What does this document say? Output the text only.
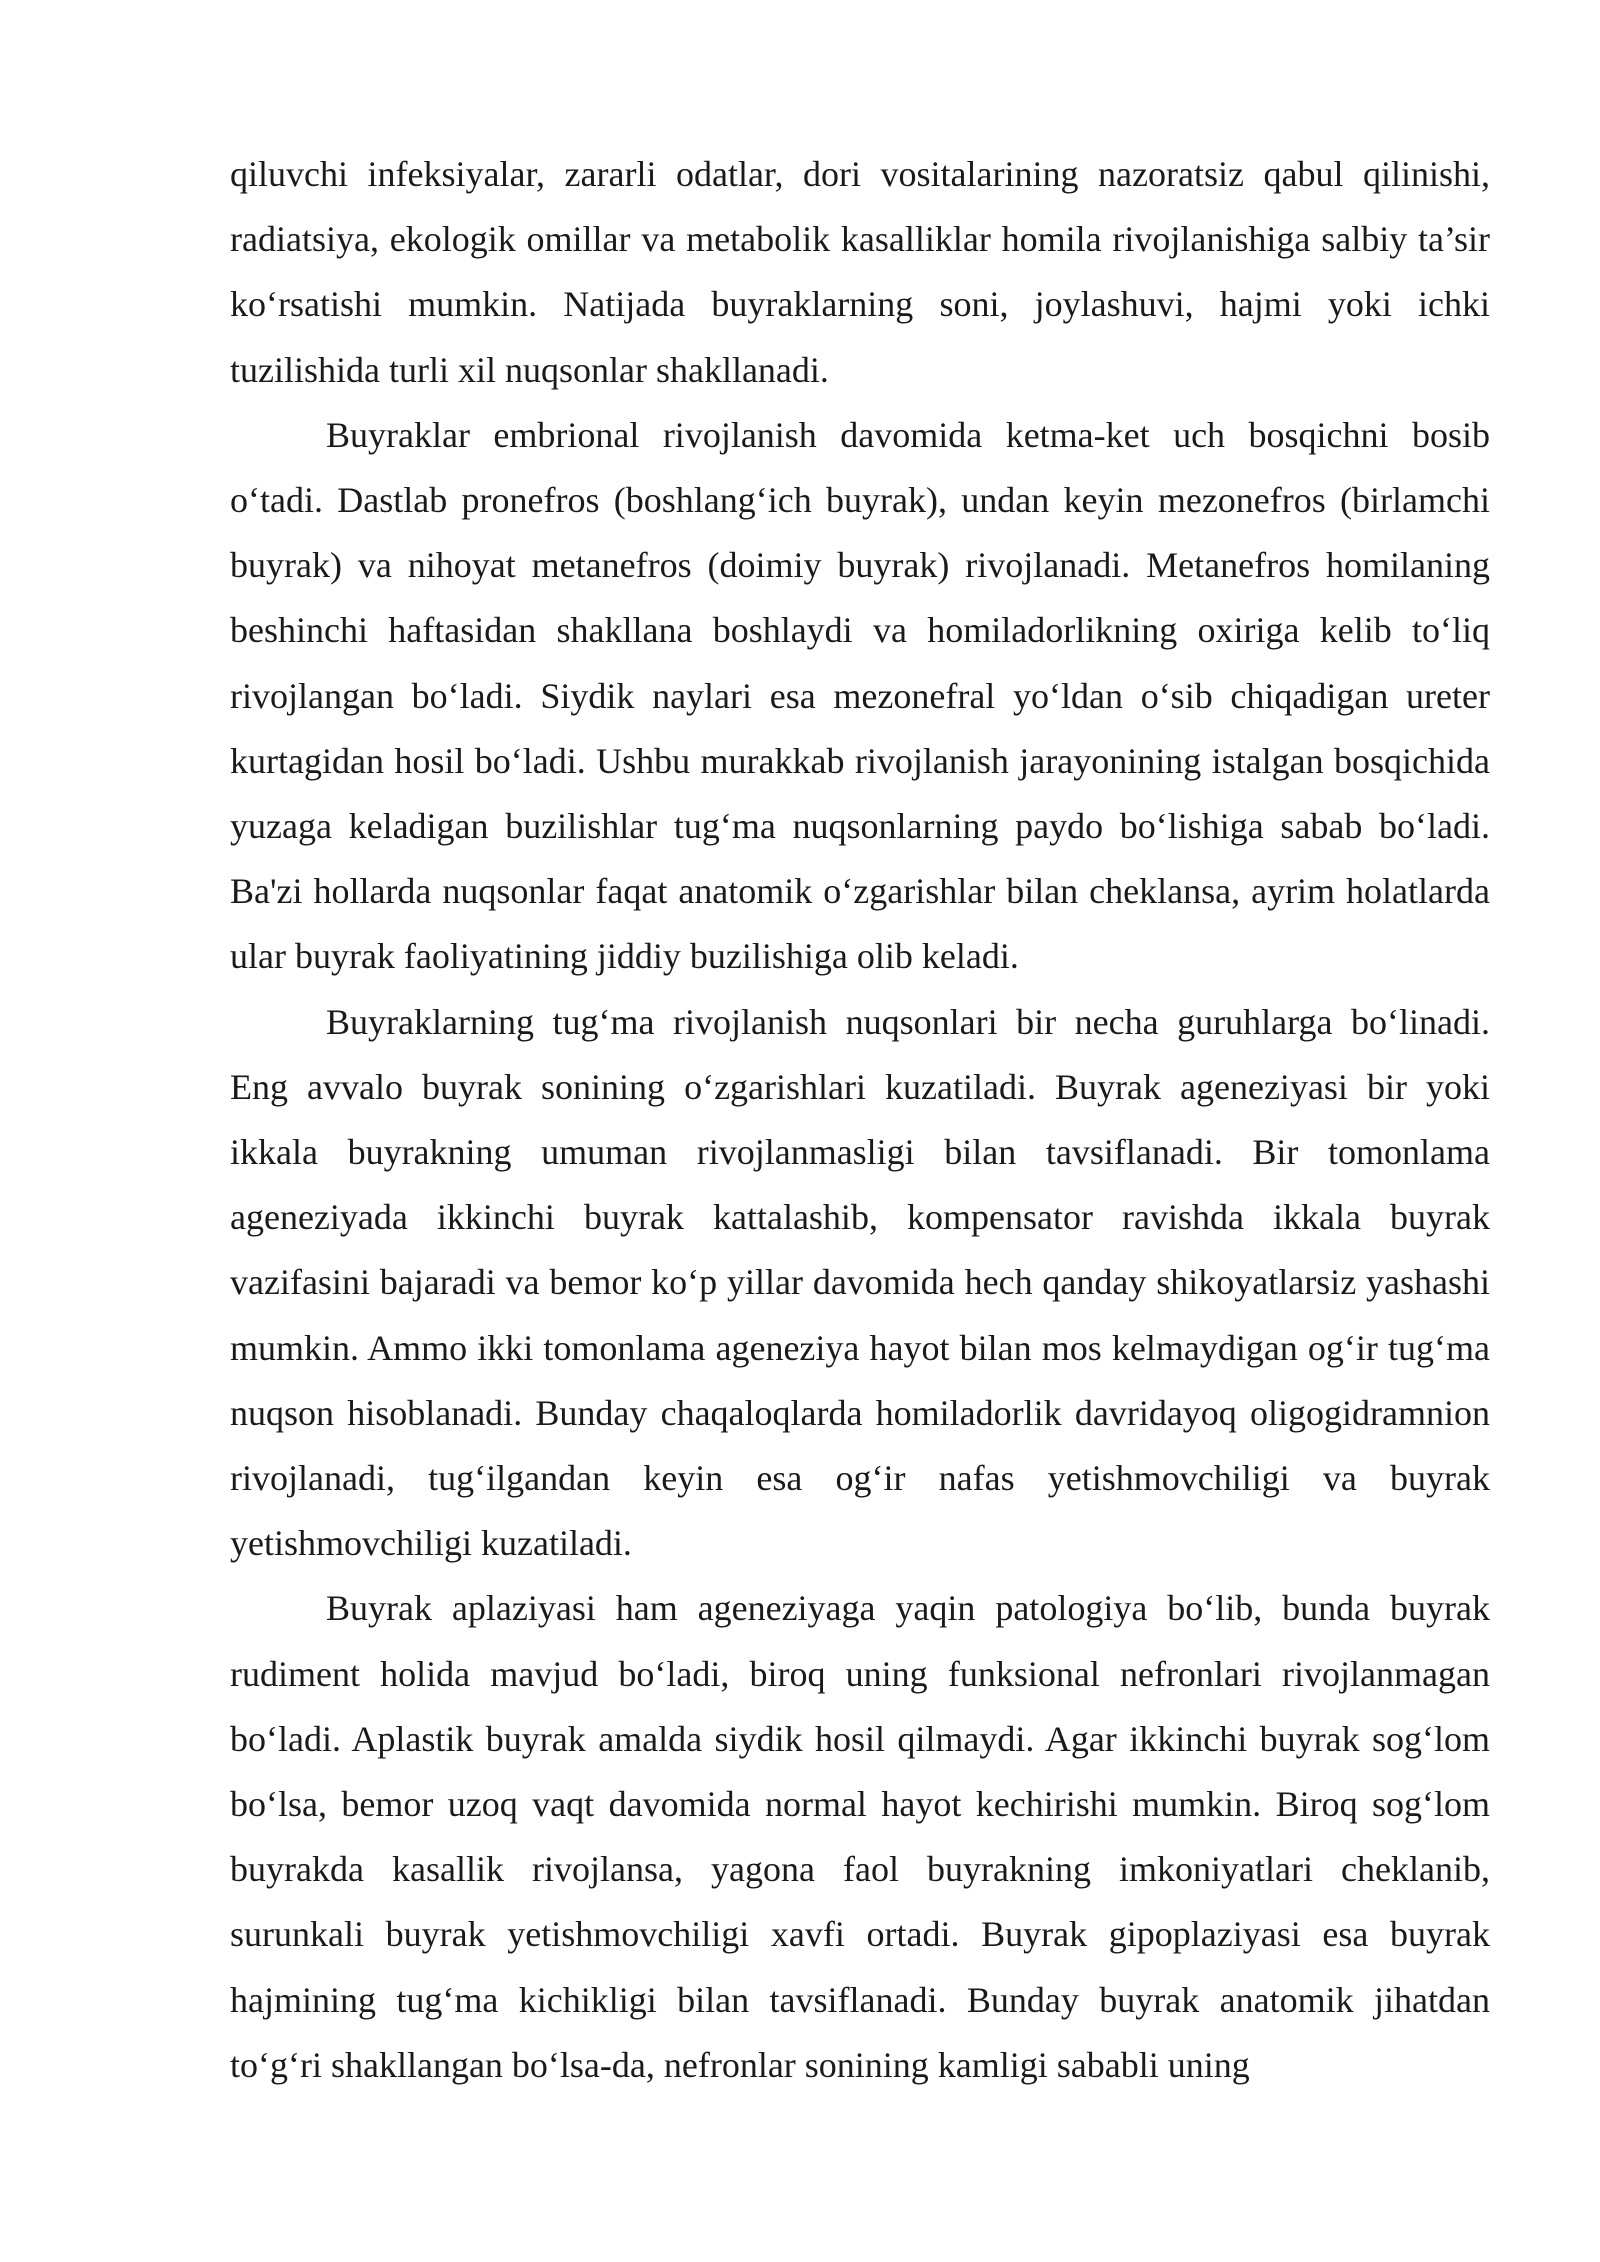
qiluvchi infeksiyalar, zararli odatlar, dori vositalarining nazoratsiz qabul qilinishi, radiatsiya, ekologik omillar va metabolik kasalliklar homila rivojlanishiga salbiy ta’sir ko‘rsatishi mumkin. Natijada buyraklarning soni, joylashuvi, hajmi yoki ichki tuzilishida turli xil nuqsonlar shakllanadi.

Buyraklar embrional rivojlanish davomida ketma-ket uch bosqichni bosib o‘tadi. Dastlab pronefros (boshlang‘ich buyrak), undan keyin mezonefros (birlamchi buyrak) va nihoyat metanefros (doimiy buyrak) rivojlanadi. Metanefros homilaning beshinchi haftasidan shakllana boshlaydi va homiladorlikning oxiriga kelib to‘liq rivojlangan bo‘ladi. Siydik naylari esa mezonefral yo‘ldan o‘sib chiqadigan ureter kurtagidan hosil bo‘ladi. Ushbu murakkab rivojlanish jarayonining istalgan bosqichida yuzaga keladigan buzilishlar tug‘ma nuqsonlarning paydo bo‘lishiga sabab bo‘ladi. Ba'zi hollarda nuqsonlar faqat anatomik o‘zgarishlar bilan cheklansa, ayrim holatlarda ular buyrak faoliyatining jiddiy buzilishiga olib keladi.

Buyraklarning tug‘ma rivojlanish nuqsonlari bir necha guruhlarga bo‘linadi. Eng avvalo buyrak sonining o‘zgarishlari kuzatiladi. Buyrak ageneziyasi bir yoki ikkala buyrakning umuman rivojlanmasligi bilan tavsiflanadi. Bir tomonlama ageneziyada ikkinchi buyrak kattalashib, kompensator ravishda ikkala buyrak vazifasini bajaradi va bemor ko‘p yillar davomida hech qanday shikoyatlarsiz yashashi mumkin. Ammo ikki tomonlama ageneziya hayot bilan mos kelmaydigan og‘ir tug‘ma nuqson hisoblanadi. Bunday chaqaloqlarda homiladorlik davridayoq oligogidramnion rivojlanadi, tug‘ilgandan keyin esa og‘ir nafas yetishmovchiligi va buyrak yetishmovchiligi kuzatiladi.

Buyrak aplaziyasi ham ageneziyaga yaqin patologiya bo‘lib, bunda buyrak rudiment holida mavjud bo‘ladi, biroq uning funksional nefronlari rivojlanmagan bo‘ladi. Aplastik buyrak amalda siydik hosil qilmaydi. Agar ikkinchi buyrak sog‘lom bo‘lsa, bemor uzoq vaqt davomida normal hayot kechirishi mumkin. Biroq sog‘lom buyrakda kasallik rivojlansa, yagona faol buyrakning imkoniyatlari cheklanib, surunkali buyrak yetishmovchiligi xavfi ortadi. Buyrak gipoplaziyasi esa buyrak hajmining tug‘ma kichikligi bilan tavsiflanadi. Bunday buyrak anatomik jihatdan to‘g‘ri shakllangan bo‘lsa-da, nefronlar sonining kamligi sababli uning
